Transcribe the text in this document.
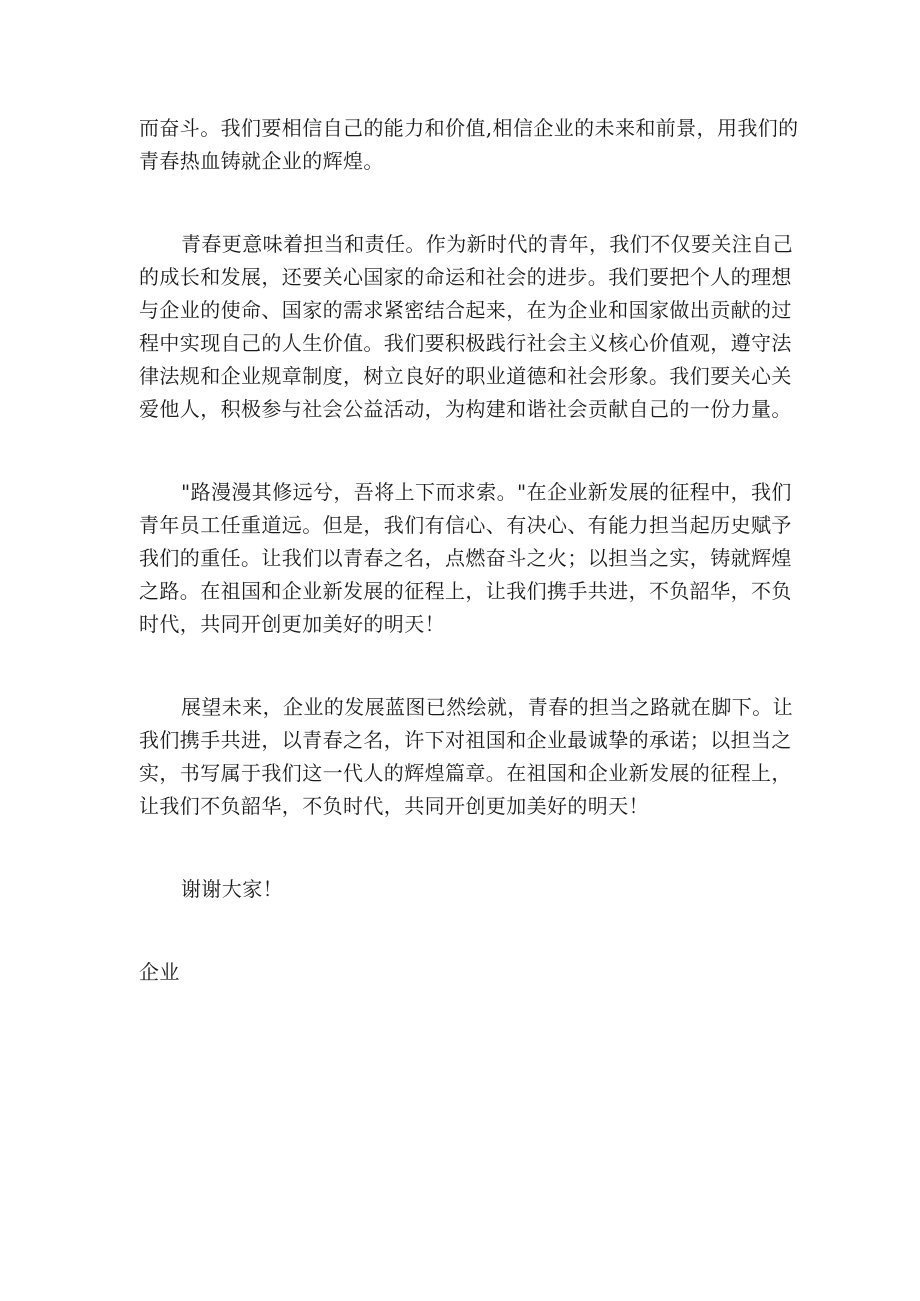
而奋斗。我们要相信自己的能力和价值,相信企业的未来和前景，用我们的
青春热血铸就企业的辉煌。
青春更意味着担当和责任。作为新时代的青年，我们不仅要关注自己
的成长和发展，还要关心国家的命运和社会的进步。我们要把个人的理想
与企业的使命、国家的需求紧密结合起来，在为企业和国家做出贡献的过
程中实现自己的人生价值。我们要积极践行社会主义核心价值观，遵守法
律法规和企业规章制度，树立良好的职业道德和社会形象。我们要关心关
爱他人，积极参与社会公益活动，为构建和谐社会贡献自己的一份力量。
"路漫漫其修远兮，吾将上下而求索。"在企业新发展的征程中，我们
青年员工任重道远。但是，我们有信心、有决心、有能力担当起历史赋予
我们的重任。让我们以青春之名，点燃奋斗之火；以担当之实，铸就辉煌
之路。在祖国和企业新发展的征程上，让我们携手共进，不负韶华，不负
时代，共同开创更加美好的明天！
展望未来，企业的发展蓝图已然绘就，青春的担当之路就在脚下。让
我们携手共进，以青春之名，许下对祖国和企业最诚挚的承诺；以担当之
实，书写属于我们这一代人的辉煌篇章。在祖国和企业新发展的征程上，
让我们不负韶华，不负时代，共同开创更加美好的明天！
谢谢大家！
企业
